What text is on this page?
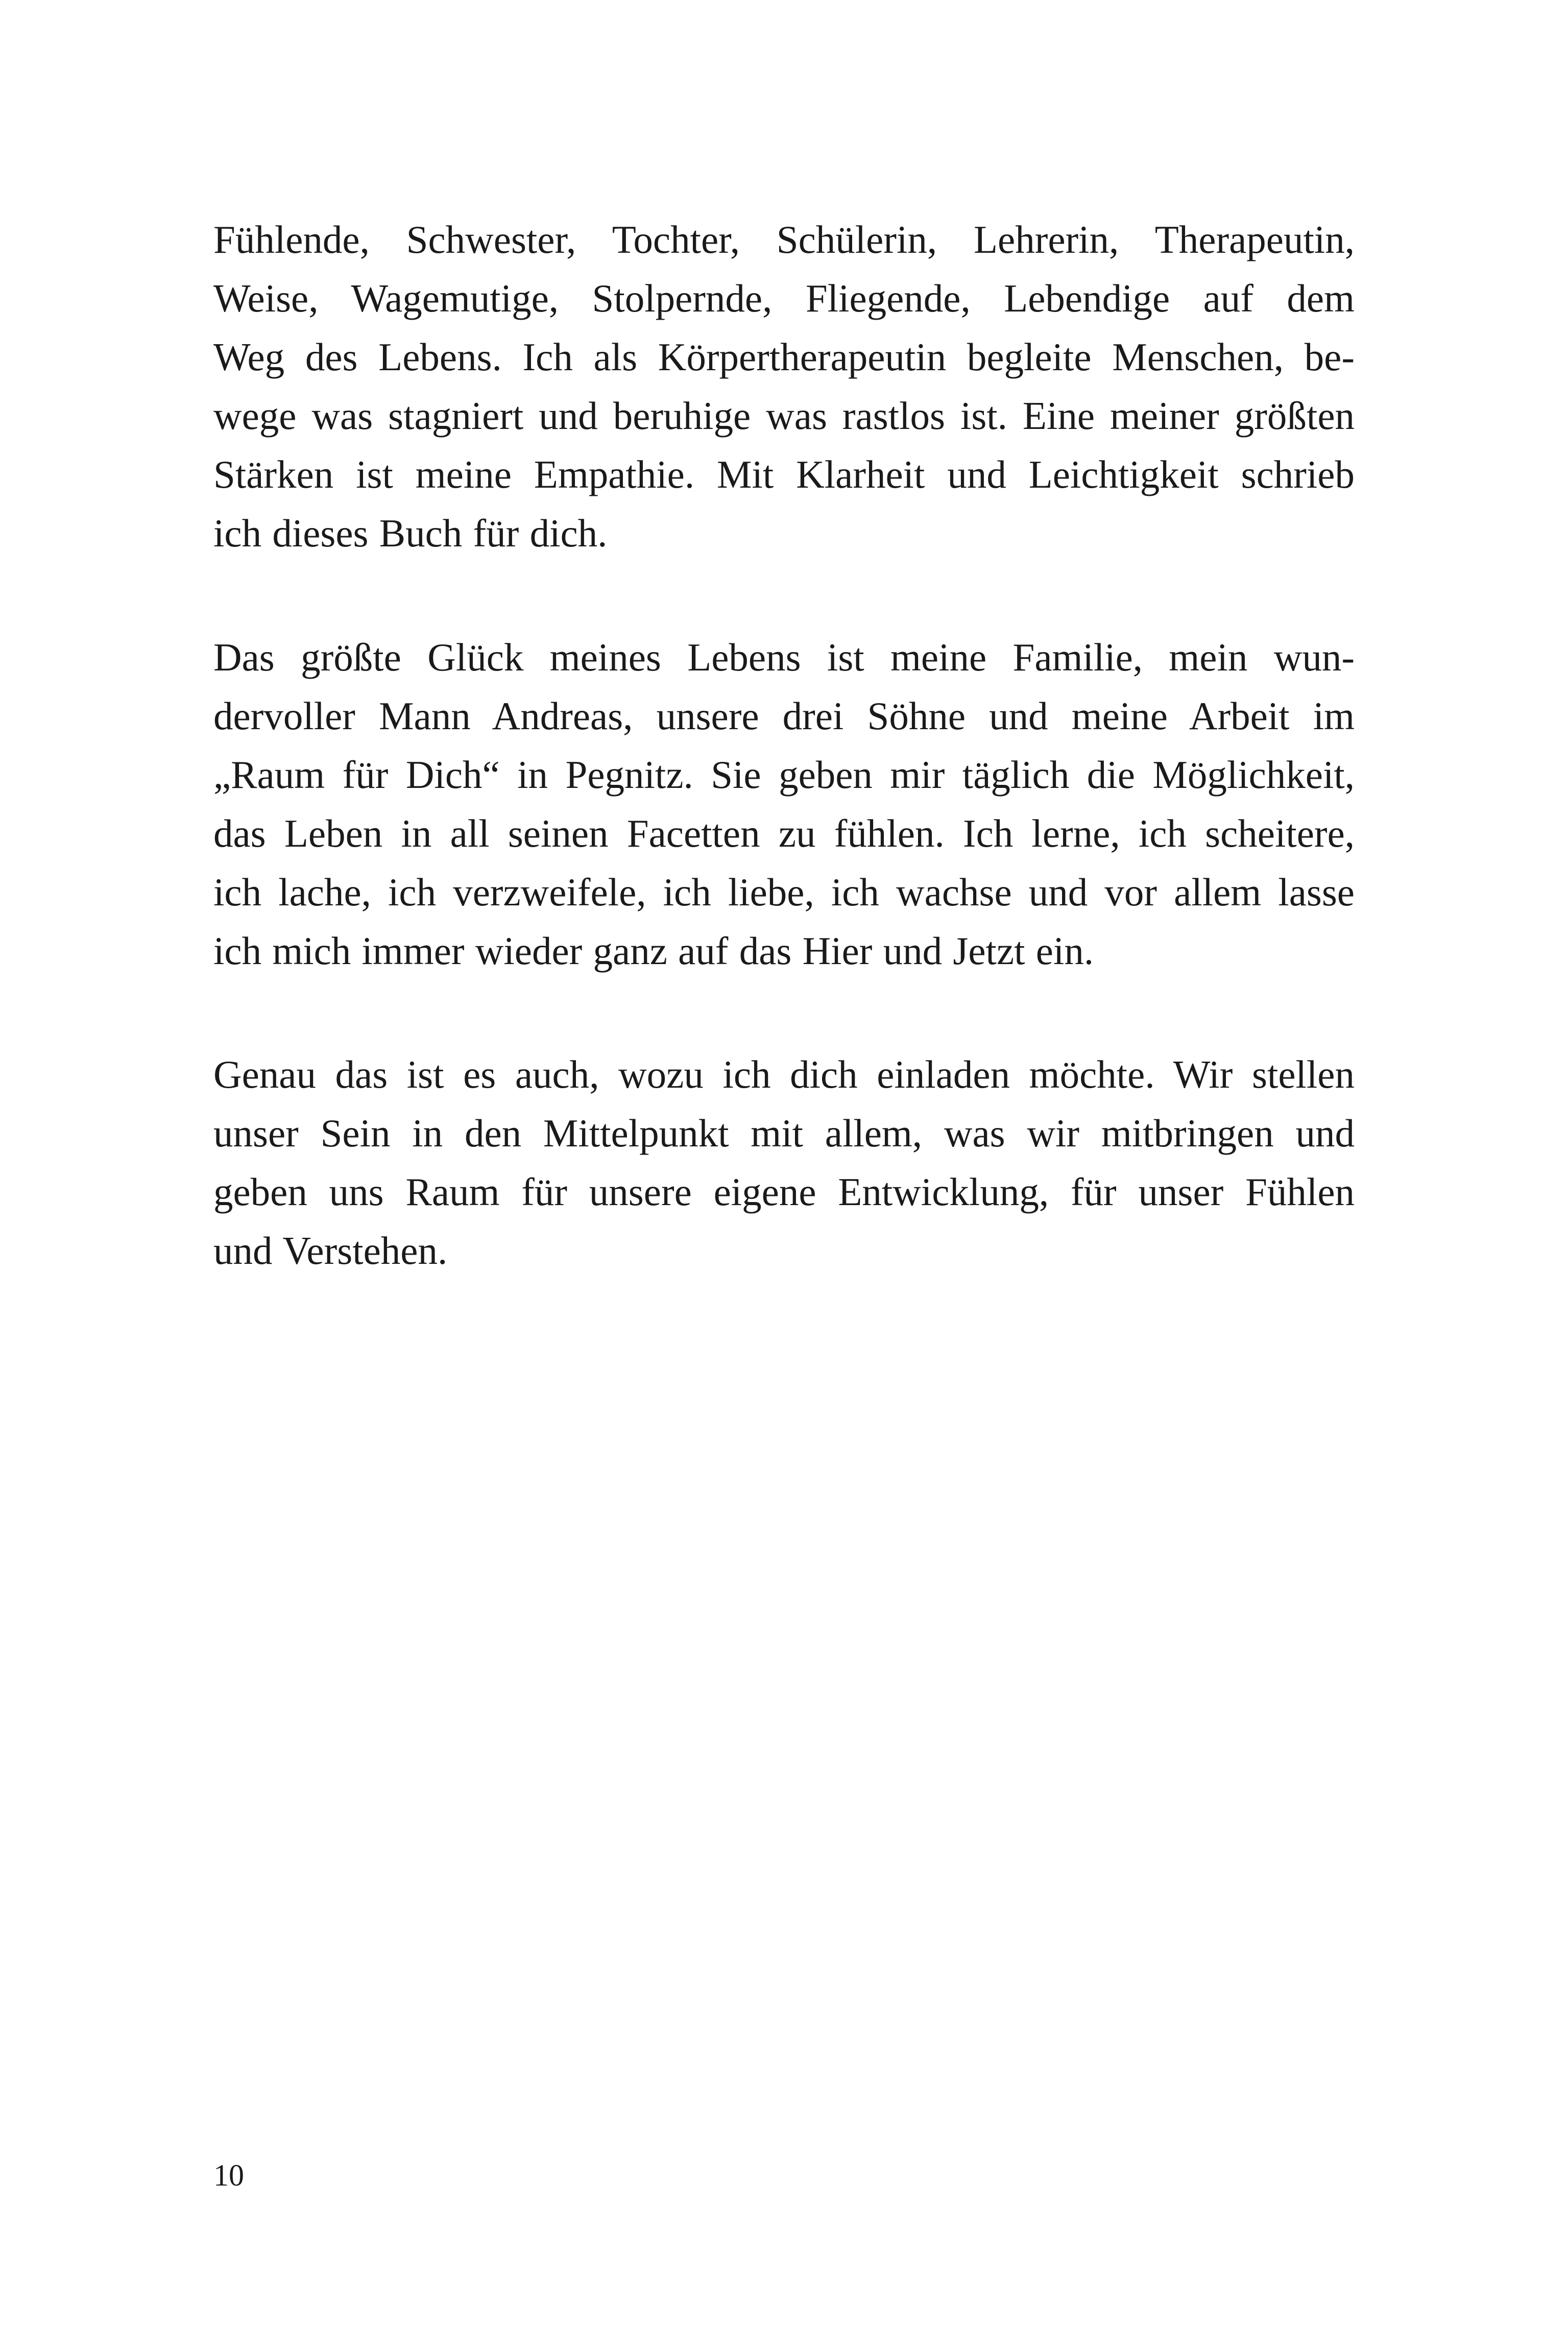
Fühlende, Schwester, Tochter, Schülerin, Lehrerin, Therapeutin,
Weise, Wagemutige, Stolpernde, Fliegende, Lebendige auf dem
Weg des Lebens. Ich als Körpertherapeutin begleite Menschen, be-
wege was stagniert und beruhige was rastlos ist. Eine meiner größten
Stärken ist meine Empathie. Mit Klarheit und Leichtigkeit schrieb
ich dieses Buch für dich.
Das größte Glück meines Lebens ist meine Familie, mein wun-
dervoller Mann Andreas, unsere drei Söhne und meine Arbeit im
„Raum für Dich“ in Pegnitz. Sie geben mir täglich die Möglichkeit,
das Leben in all seinen Facetten zu fühlen. Ich lerne, ich scheitere,
ich lache, ich verzweifele, ich liebe, ich wachse und vor allem lasse
ich mich immer wieder ganz auf das Hier und Jetzt ein.
Genau das ist es auch, wozu ich dich einladen möchte. Wir stellen
unser Sein in den Mittelpunkt mit allem, was wir mitbringen und
geben uns Raum für unsere eigene Entwicklung, für unser Fühlen
und Verstehen.

10
